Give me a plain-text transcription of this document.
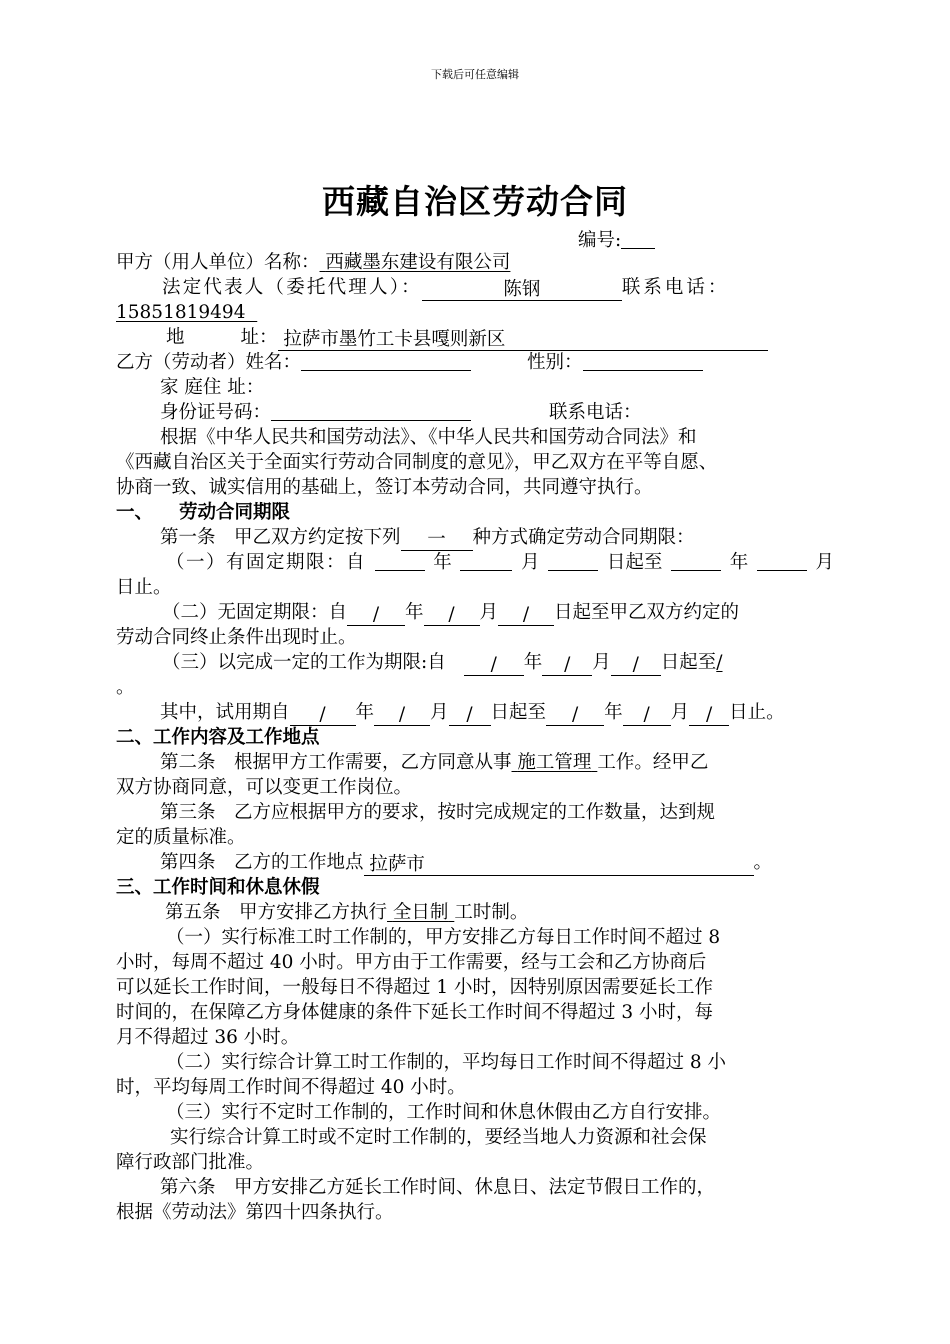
下载后可任意编辑
西藏自治区劳动合同
编号:
甲方（用人单位）名称： 西藏墨东建设有限公司
法定代表人（委托代理人）：	陈钢	联系电话：
15851819494
地	址： 拉萨市墨竹工卡县嘎则新区
乙方（劳动者）姓名：	性别：
家 庭住 址：
身份证号码：	联系电话：
根据《中华人民共和国劳动法》、《中华人民共和国劳动合同法》和
《西藏自治区关于全面实行劳动合同制度的意见》，甲乙双方在平等自愿、
协商一致、诚实信用的基础上，签订本劳动合同，共同遵守执行。
一、 劳动合同期限
第一条　甲乙双方约定按下列 一 种方式确定劳动合同期限：
（一）有固定期限：自	年	月	日起至	年	月
日止。
（二）无固定期限：自 / 年 / 月 / 日起至甲乙双方约定的
劳动合同终止条件出现时止。
（三）以完成一定的工作为期限:自 / 年 / 月 / 日起至/
。
其中，试用期自 / 年 / 月 / 日起至 / 年 / 月 / 日止。
二、工作内容及工作地点
第二条　根据甲方工作需要，乙方同意从事 施工管理 工作。经甲乙
双方协商同意，可以变更工作岗位。
第三条　乙方应根据甲方的要求，按时完成规定的工作数量，达到规
定的质量标准。
第四条　乙方的工作地点 拉萨市	。
三、工作时间和休息休假
第五条　甲方安排乙方执行 全日制 工时制。
（一）实行标准工时工作制的，甲方安排乙方每日工作时间不超过 8
小时，每周不超过 40 小时。甲方由于工作需要，经与工会和乙方协商后
可以延长工作时间，一般每日不得超过 1 小时，因特别原因需要延长工作
时间的，在保障乙方身体健康的条件下延长工作时间不得超过 3 小时，每
月不得超过 36 小时。
（二）实行综合计算工时工作制的，平均每日工作时间不得超过 8 小
时，平均每周工作时间不得超过 40 小时。
（三）实行不定时工作制的，工作时间和休息休假由乙方自行安排。
实行综合计算工时或不定时工作制的，要经当地人力资源和社会保
障行政部门批准。
第六条　甲方安排乙方延长工作时间、休息日、法定节假日工作的，
根据《劳动法》第四十四条执行。
